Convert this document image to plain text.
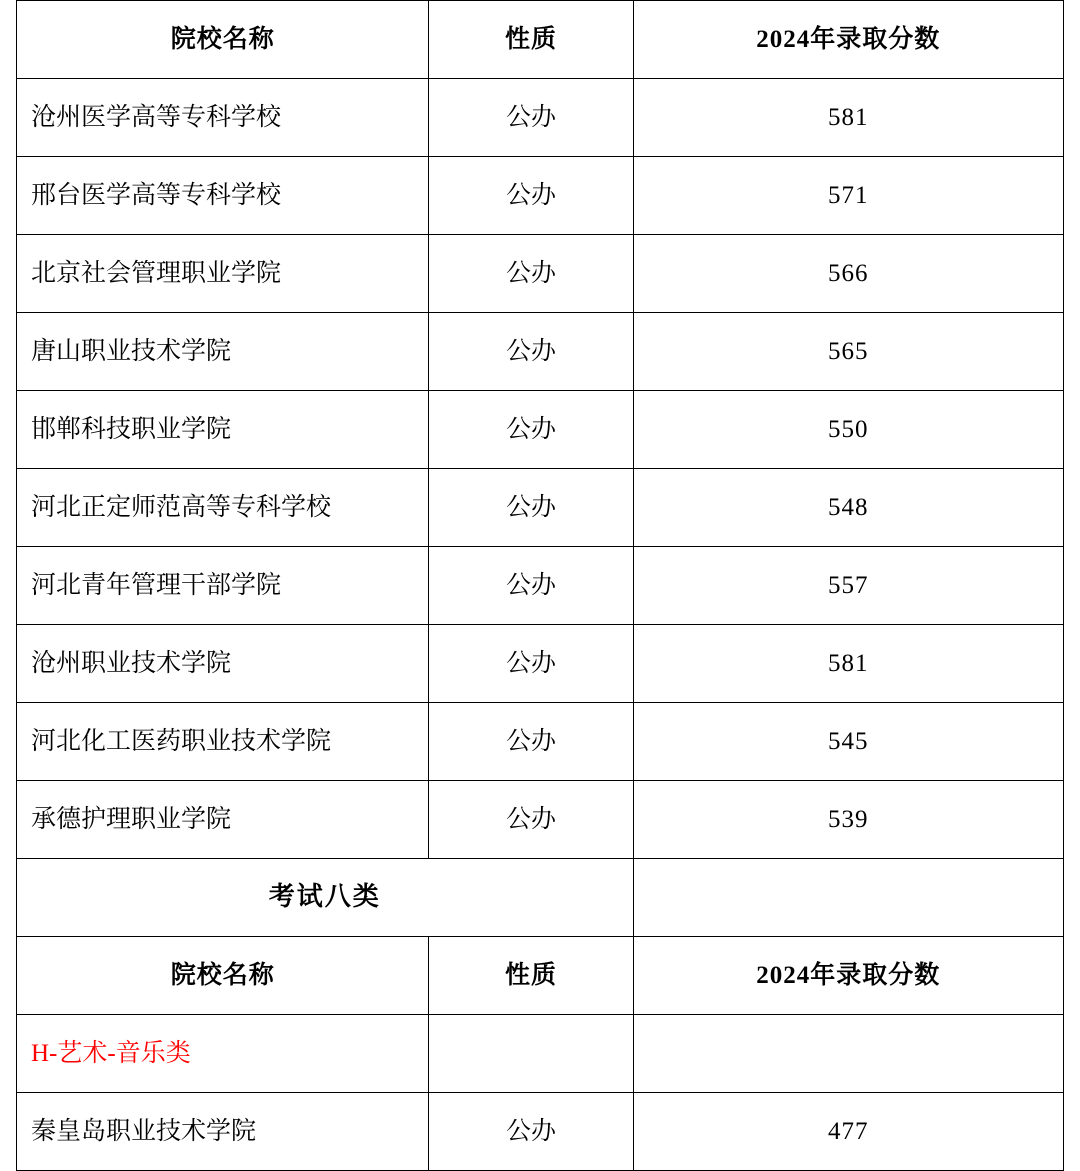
院校名称	性质	2024年录取分数
沧州医学高等专科学校	公办	581
邢台医学高等专科学校	公办	571
北京社会管理职业学院	公办	566
唐山职业技术学院	公办	565
邯郸科技职业学院	公办	550
河北正定师范高等专科学校	公办	548
河北青年管理干部学院	公办	557
沧州职业技术学院	公办	581
河北化工医药职业技术学院	公办	545
承德护理职业学院	公办	539
考试八类		
院校名称	性质	2024年录取分数
H-艺术-音乐类		
秦皇岛职业技术学院	公办	477
